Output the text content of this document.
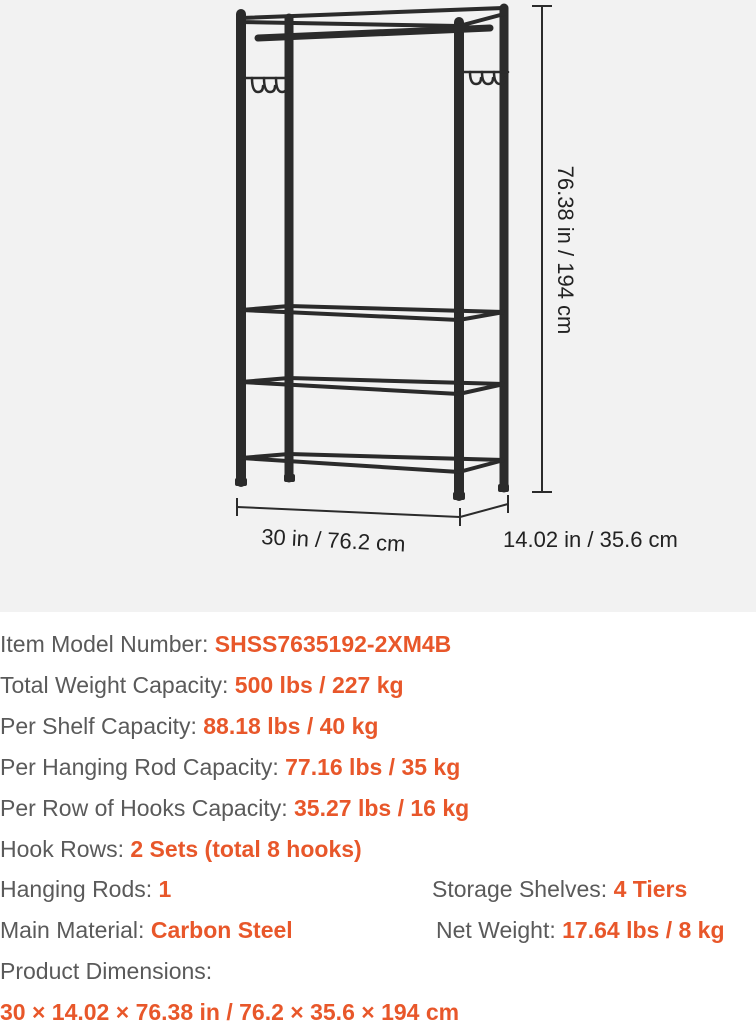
30 in / 76.2 cm	14.02 in / 35.6 cm
76.38 in / 194 cm
Item Model Number: SHSS7635192-2XM4B
Total Weight Capacity: 500 lbs / 227 kg
Per Shelf Capacity: 88.18 lbs / 40 kg
Per Hanging Rod Capacity: 77.16 lbs / 35 kg
Per Row of Hooks Capacity: 35.27 lbs / 16 kg
Hook Rows: 2 Sets (total 8 hooks)
Hanging Rods: 1	Storage Shelves: 4 Tiers
Main Material: Carbon Steel	Net Weight: 17.64 lbs / 8 kg
Product Dimensions:
30 × 14.02 × 76.38 in / 76.2 × 35.6 × 194 cm
